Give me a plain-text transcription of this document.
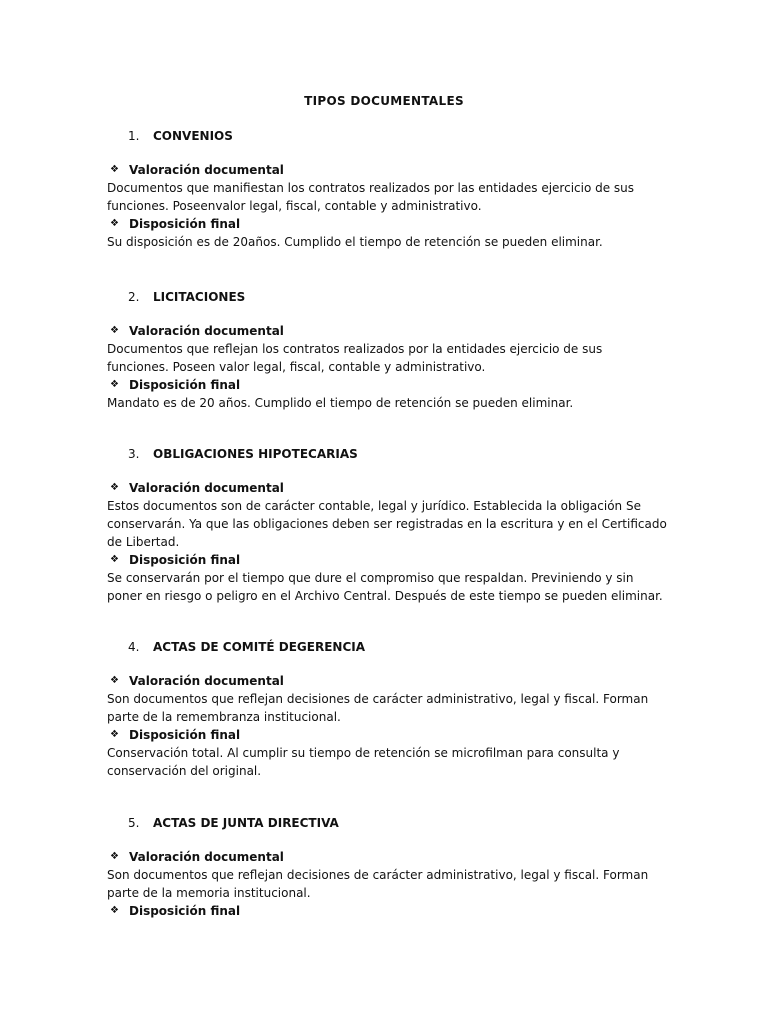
TIPOS DOCUMENTALES
1. CONVENIOS
❖ Valoración documental

Documentos que manifiestan los contratos realizados por las entidades ejercicio de sus funciones. Poseenvalor legal, fiscal, contable y administrativo.

❖ Disposición final

Su disposición es de 20años. Cumplido el tiempo de retención se pueden eliminar.

2. LICITACIONES
❖ Valoración documental

Documentos que reflejan los contratos realizados por la entidades ejercicio de sus funciones. Poseen valor legal, fiscal, contable y administrativo.

❖ Disposición final

Mandato es de 20 años. Cumplido el tiempo de retención se pueden eliminar.

3. OBLIGACIONES HIPOTECARIAS
❖ Valoración documental

Estos documentos son de carácter contable, legal y jurídico. Establecida la obligación Se conservarán. Ya que las obligaciones deben ser registradas en la escritura y en el Certificado de Libertad.

❖ Disposición final

Se conservarán por el tiempo que dure el compromiso que respaldan. Previniendo y sin poner en riesgo o peligro en el Archivo Central. Después de este tiempo se pueden eliminar.

4. ACTAS DE COMITÉ DEGERENCIA
❖ Valoración documental

Son documentos que reflejan decisiones de carácter administrativo, legal y fiscal. Forman parte de la remembranza institucional.

❖ Disposición final

Conservación total. Al cumplir su tiempo de retención se microfilman para consulta y conservación del original.

5. ACTAS DE JUNTA DIRECTIVA
❖ Valoración documental

Son documentos que reflejan decisiones de carácter administrativo, legal y fiscal. Forman parte de la memoria institucional.

❖ Disposición final
